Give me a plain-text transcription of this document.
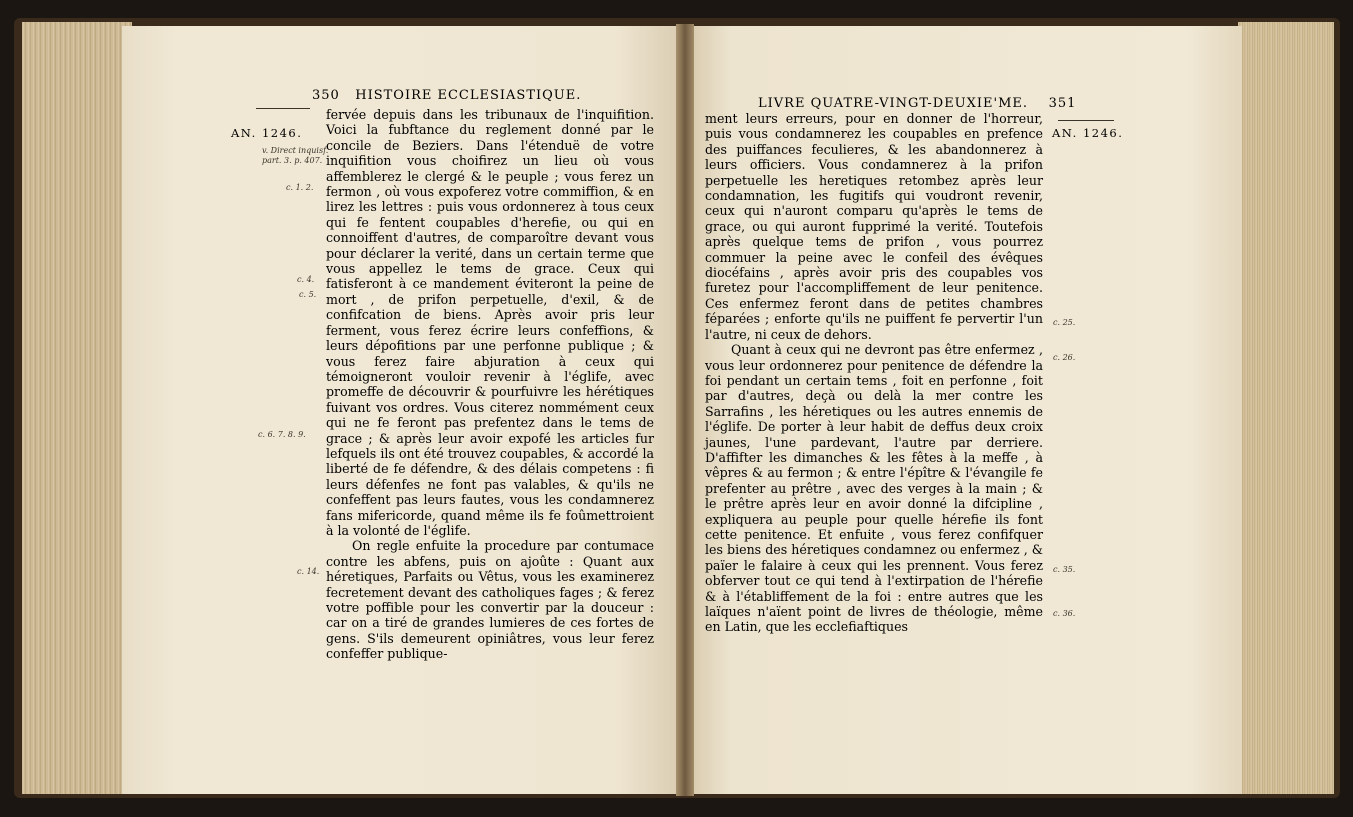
350 HISTOIRE ECCLESIASTIQUE.
AN. 1246.
v. Direct inquisf.
part. 3. p. 407.
c. 1. 2.
c. 4.
c. 5.
c. 6. 7. 8. 9.
c. 14.

fervée depuis dans les tribunaux de l'inquifition. Voici la fubftance du reglement donné par le concile de Beziers. Dans l'étenduë de votre inquifition vous choifirez un lieu où vous affemblerez le clergé & le peuple ; vous ferez un fermon , où vous expoferez votre commiffion, & en lirez les lettres : puis vous ordonnerez à tous ceux qui fe fentent coupables d'herefie, ou qui en connoiffent d'autres, de comparoître devant vous pour déclarer la verité, dans un certain terme que vous appellez le tems de grace. Ceux qui fatisferont à ce mandement éviteront la peine de mort , de prifon perpetuelle, d'exil, & de confifcation de biens. Après avoir pris leur ferment, vous ferez écrire leurs confeffions, & leurs dépofitions par une perfonne publique ; & vous ferez faire abjuration à ceux qui témoigneront vouloir revenir à l'églife, avec promeffe de découvrir & pourfuivre les hérétiques fuivant vos ordres. Vous citerez nommément ceux qui ne fe feront pas prefentez dans le tems de grace ; & après leur avoir expofé les articles fur lefquels ils ont été trouvez coupables, & accordé la liberté de fe défendre, & des délais competens : fi leurs défenfes ne font pas valables, & qu'ils ne confeffent pas leurs fautes, vous les condamnerez fans mifericorde, quand même ils fe foûmettroient à la volonté de l'églife.

On regle enfuite la procedure par contumace contre les abfens, puis on ajoûte : Quant aux héretiques, Parfaits ou Vêtus, vous les examinerez fecretement devant des catholiques fages ; & ferez votre poffible pour les convertir par la douceur : car on a tiré de grandes lumieres de ces fortes de gens. S'ils demeurent opiniâtres, vous leur ferez confeffer publique-

LIVRE QUATRE-VINGT-DEUXIE'ME. 351
AN. 1246.
c. 25.
c. 26.
c. 35.
c. 36.

ment leurs erreurs, pour en donner de l'horreur, puis vous condamnerez les coupables en prefence des puiffances feculieres, & les abandonnerez à leurs officiers. Vous condamnerez à la prifon perpetuelle les heretiques retombez après leur condamnation, les fugitifs qui voudront revenir, ceux qui n'auront comparu qu'après le tems de grace, ou qui auront fupprimé la verité. Toutefois après quelque tems de prifon , vous pourrez commuer la peine avec le confeil des évêques diocéfains , après avoir pris des coupables vos furetez pour l'accompliffement de leur penitence. Ces enfermez feront dans de petites chambres féparées ; enforte qu'ils ne puiffent fe pervertir l'un l'autre, ni ceux de dehors.

Quant à ceux qui ne devront pas être enfermez , vous leur ordonnerez pour penitence de défendre la foi pendant un certain tems , foit en perfonne , foit par d'autres, deçà ou delà la mer contre les Sarrafins , les héretiques ou les autres ennemis de l'églife. De porter à leur habit de deffus deux croix jaunes, l'une pardevant, l'autre par derriere. D'affifter les dimanches & les fêtes à la meffe , à vêpres & au fermon ; & entre l'épître & l'évangile fe prefenter au prêtre , avec des verges à la main ; & le prêtre après leur en avoir donné la difcipline , expliquera au peuple pour quelle hérefie ils font cette penitence. Et enfuite , vous ferez confifquer les biens des héretiques condamnez ou enfermez , & païer le falaire à ceux qui les prennent. Vous ferez obferver tout ce qui tend à l'extirpation de l'hérefie & à l'établiffement de la foi : entre autres que les laïques n'aïent point de livres de théologie, même en Latin, que les ecclefiaftiques
